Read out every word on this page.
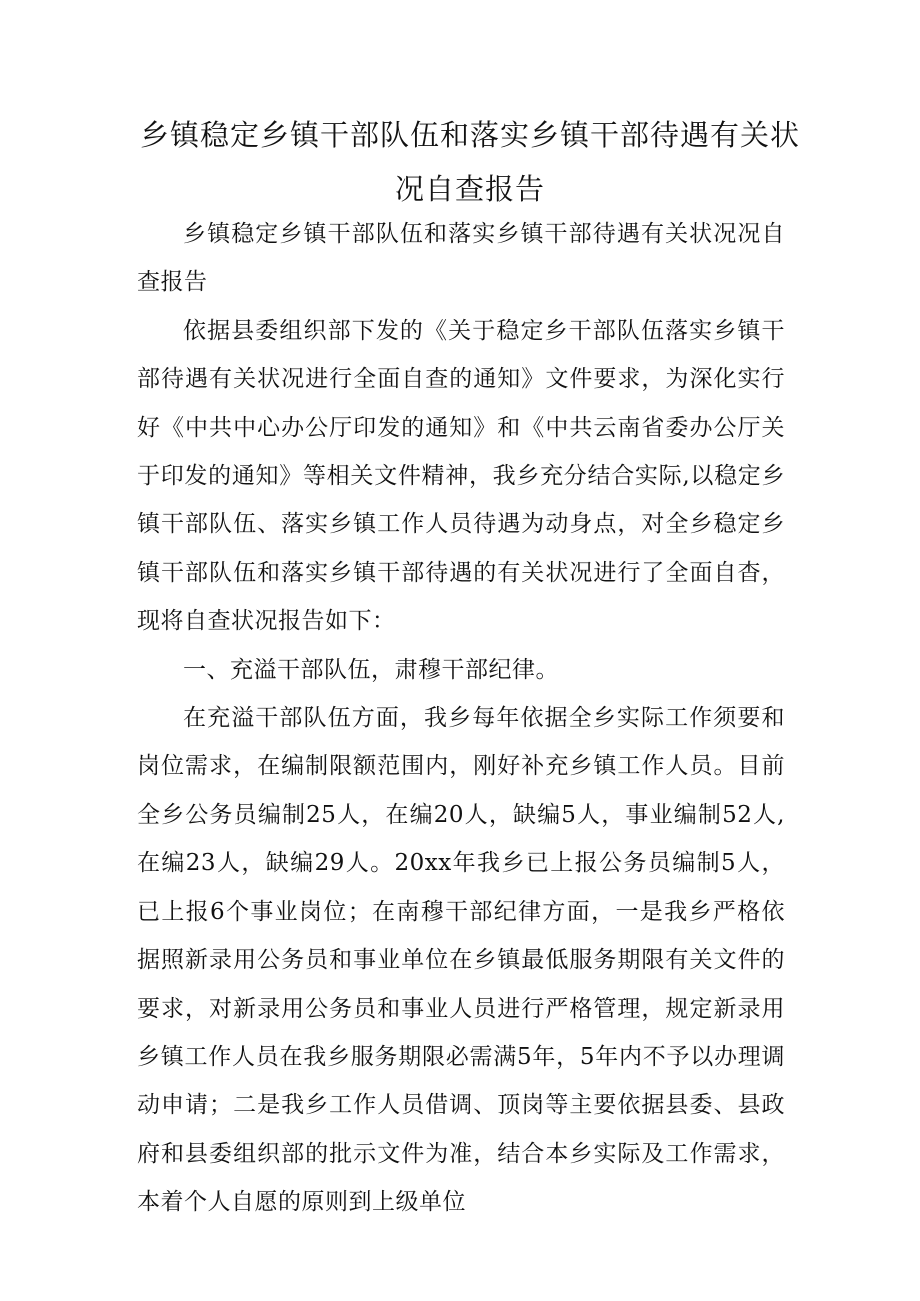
乡镇稳定乡镇干部队伍和落实乡镇干部待遇有关状况自查报告

乡镇稳定乡镇干部队伍和落实乡镇干部待遇有关状况况自查报告

依据县委组织部下发的《关于稳定乡干部队伍落实乡镇干部待遇有关状况进行全面自查的通知》文件要求，为深化实行好《中共中心办公厅印发的通知》和《中共云南省委办公厅关于印发的通知》等相关文件精神，我乡充分结合实际,以稳定乡镇干部队伍、落实乡镇工作人员待遇为动身点，对全乡稳定乡镇干部队伍和落实乡镇干部待遇的有关状况进行了全面自杳，现将自查状况报告如下：

一、充溢干部队伍，肃穆干部纪律。

在充溢干部队伍方面，我乡每年依据全乡实际工作须要和岗位需求，在编制限额范围内，刚好补充乡镇工作人员。目前全乡公务员编制25人，在编20人，缺编5人，事业编制52人,在编23人，缺编29人。20xx年我乡已上报公务员编制5人，已上报6个事业岗位；在南穆干部纪律方面，一是我乡严格依据照新录用公务员和事业单位在乡镇最低服务期限有关文件的要求，对新录用公务员和事业人员进行严格管理，规定新录用乡镇工作人员在我乡服务期限必需满5年，5年内不予以办理调动申请；二是我乡工作人员借调、顶岗等主要依据县委、县政府和县委组织部的批示文件为准，结合本乡实际及工作需求，本着个人自愿的原则到上级单位
